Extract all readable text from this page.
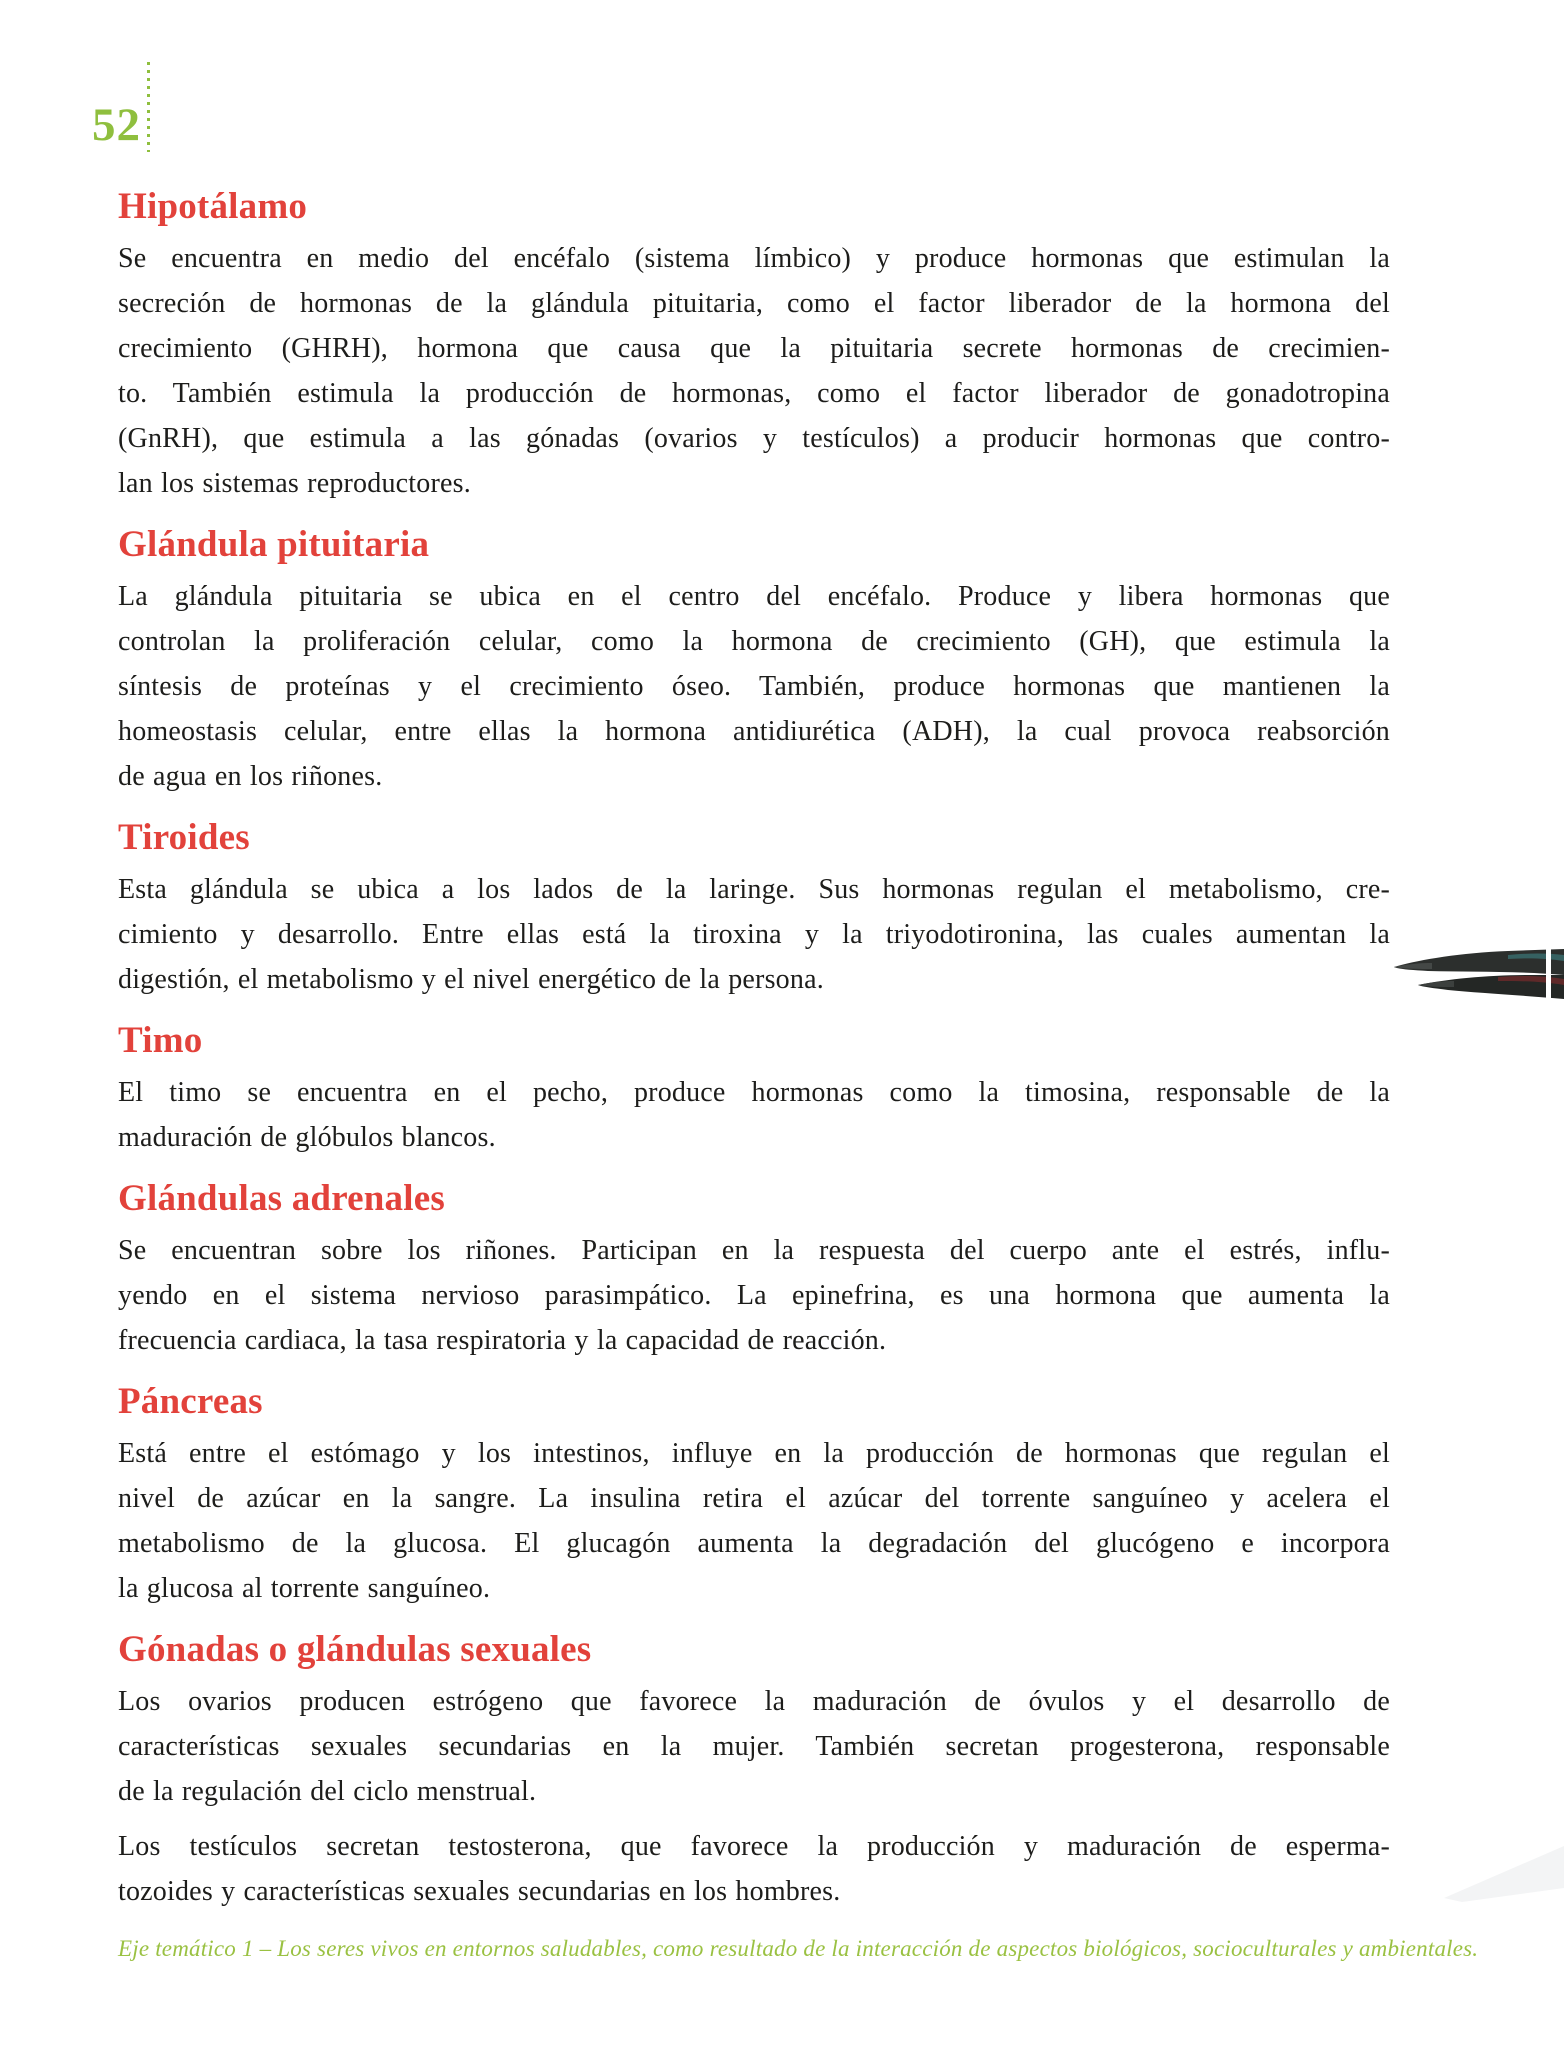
52
Hipotálamo
Se encuentra en medio del encéfalo (sistema límbico) y produce hormonas que estimulan la
secreción de hormonas de la glándula pituitaria, como el factor liberador de la hormona del
crecimiento (GHRH), hormona que causa que la pituitaria secrete hormonas de crecimien-
to. También estimula la producción de hormonas, como el factor liberador de gonadotropina
(GnRH), que estimula a las gónadas (ovarios y testículos) a producir hormonas que contro-
lan los sistemas reproductores.
Glándula pituitaria
La glándula pituitaria se ubica en el centro del encéfalo. Produce y libera hormonas que
controlan la proliferación celular, como la hormona de crecimiento (GH), que estimula la
síntesis de proteínas y el crecimiento óseo. También, produce hormonas que mantienen la
homeostasis celular, entre ellas la hormona antidiurética (ADH), la cual provoca reabsorción
de agua en los riñones.
Tiroides
Esta glándula se ubica a los lados de la laringe. Sus hormonas regulan el metabolismo, cre-
cimiento y desarrollo. Entre ellas está la tiroxina y la triyodotironina, las cuales aumentan la
digestión, el metabolismo y el nivel energético de la persona.
Timo
El timo se encuentra en el pecho, produce hormonas como la timosina, responsable de la
maduración de glóbulos blancos.
Glándulas adrenales
Se encuentran sobre los riñones. Participan en la respuesta del cuerpo ante el estrés, influ-
yendo en el sistema nervioso parasimpático. La epinefrina, es una hormona que aumenta la
frecuencia cardiaca, la tasa respiratoria y la capacidad de reacción.
Páncreas
Está entre el estómago y los intestinos, influye en la producción de hormonas que regulan el
nivel de azúcar en la sangre. La insulina retira el azúcar del torrente sanguíneo y acelera el
metabolismo de la glucosa. El glucagón aumenta la degradación del glucógeno e incorpora
la glucosa al torrente sanguíneo.
Gónadas o glándulas sexuales
Los ovarios producen estrógeno que favorece la maduración de óvulos y el desarrollo de
características sexuales secundarias en la mujer. También secretan progesterona, responsable
de la regulación del ciclo menstrual.
Los testículos secretan testosterona, que favorece la producción y maduración de esperma-
tozoides y características sexuales secundarias en los hombres.
Eje temático 1 – Los seres vivos en entornos saludables, como resultado de la interacción de aspectos biológicos, socioculturales y ambientales.
